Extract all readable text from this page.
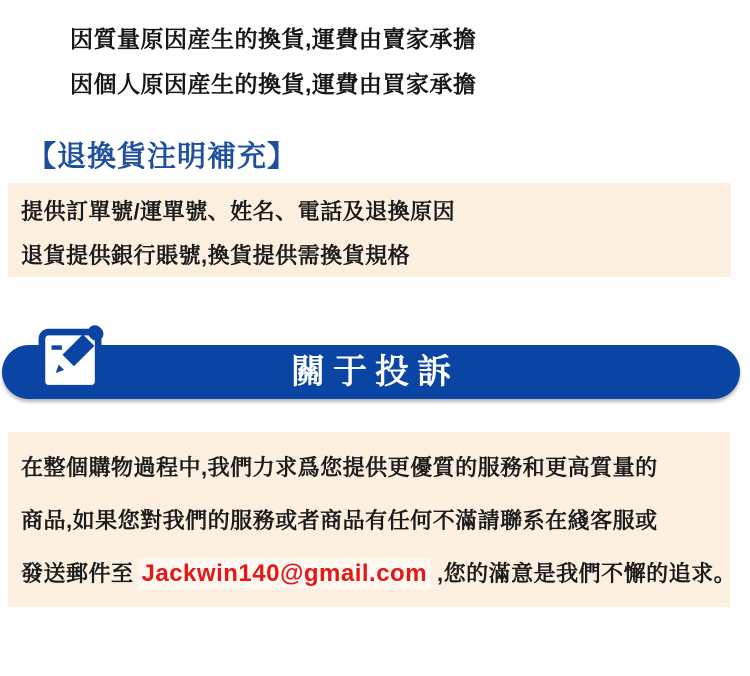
因質量原因産生的換貨,運費由賣家承擔
因個人原因産生的換貨,運費由買家承擔
【退換貨注明補充】
提供訂單號/運單號、姓名、電話及退換原因
退貨提供銀行賬號,換貨提供需換貨規格
關于投訴
在整個購物過程中,我們力求爲您提供更優質的服務和更高質量的
商品,如果您對我們的服務或者商品有任何不滿請聯系在綫客服或
發送郵件至 Jackwin140@gmail.com ,您的滿意是我們不懈的追求。
